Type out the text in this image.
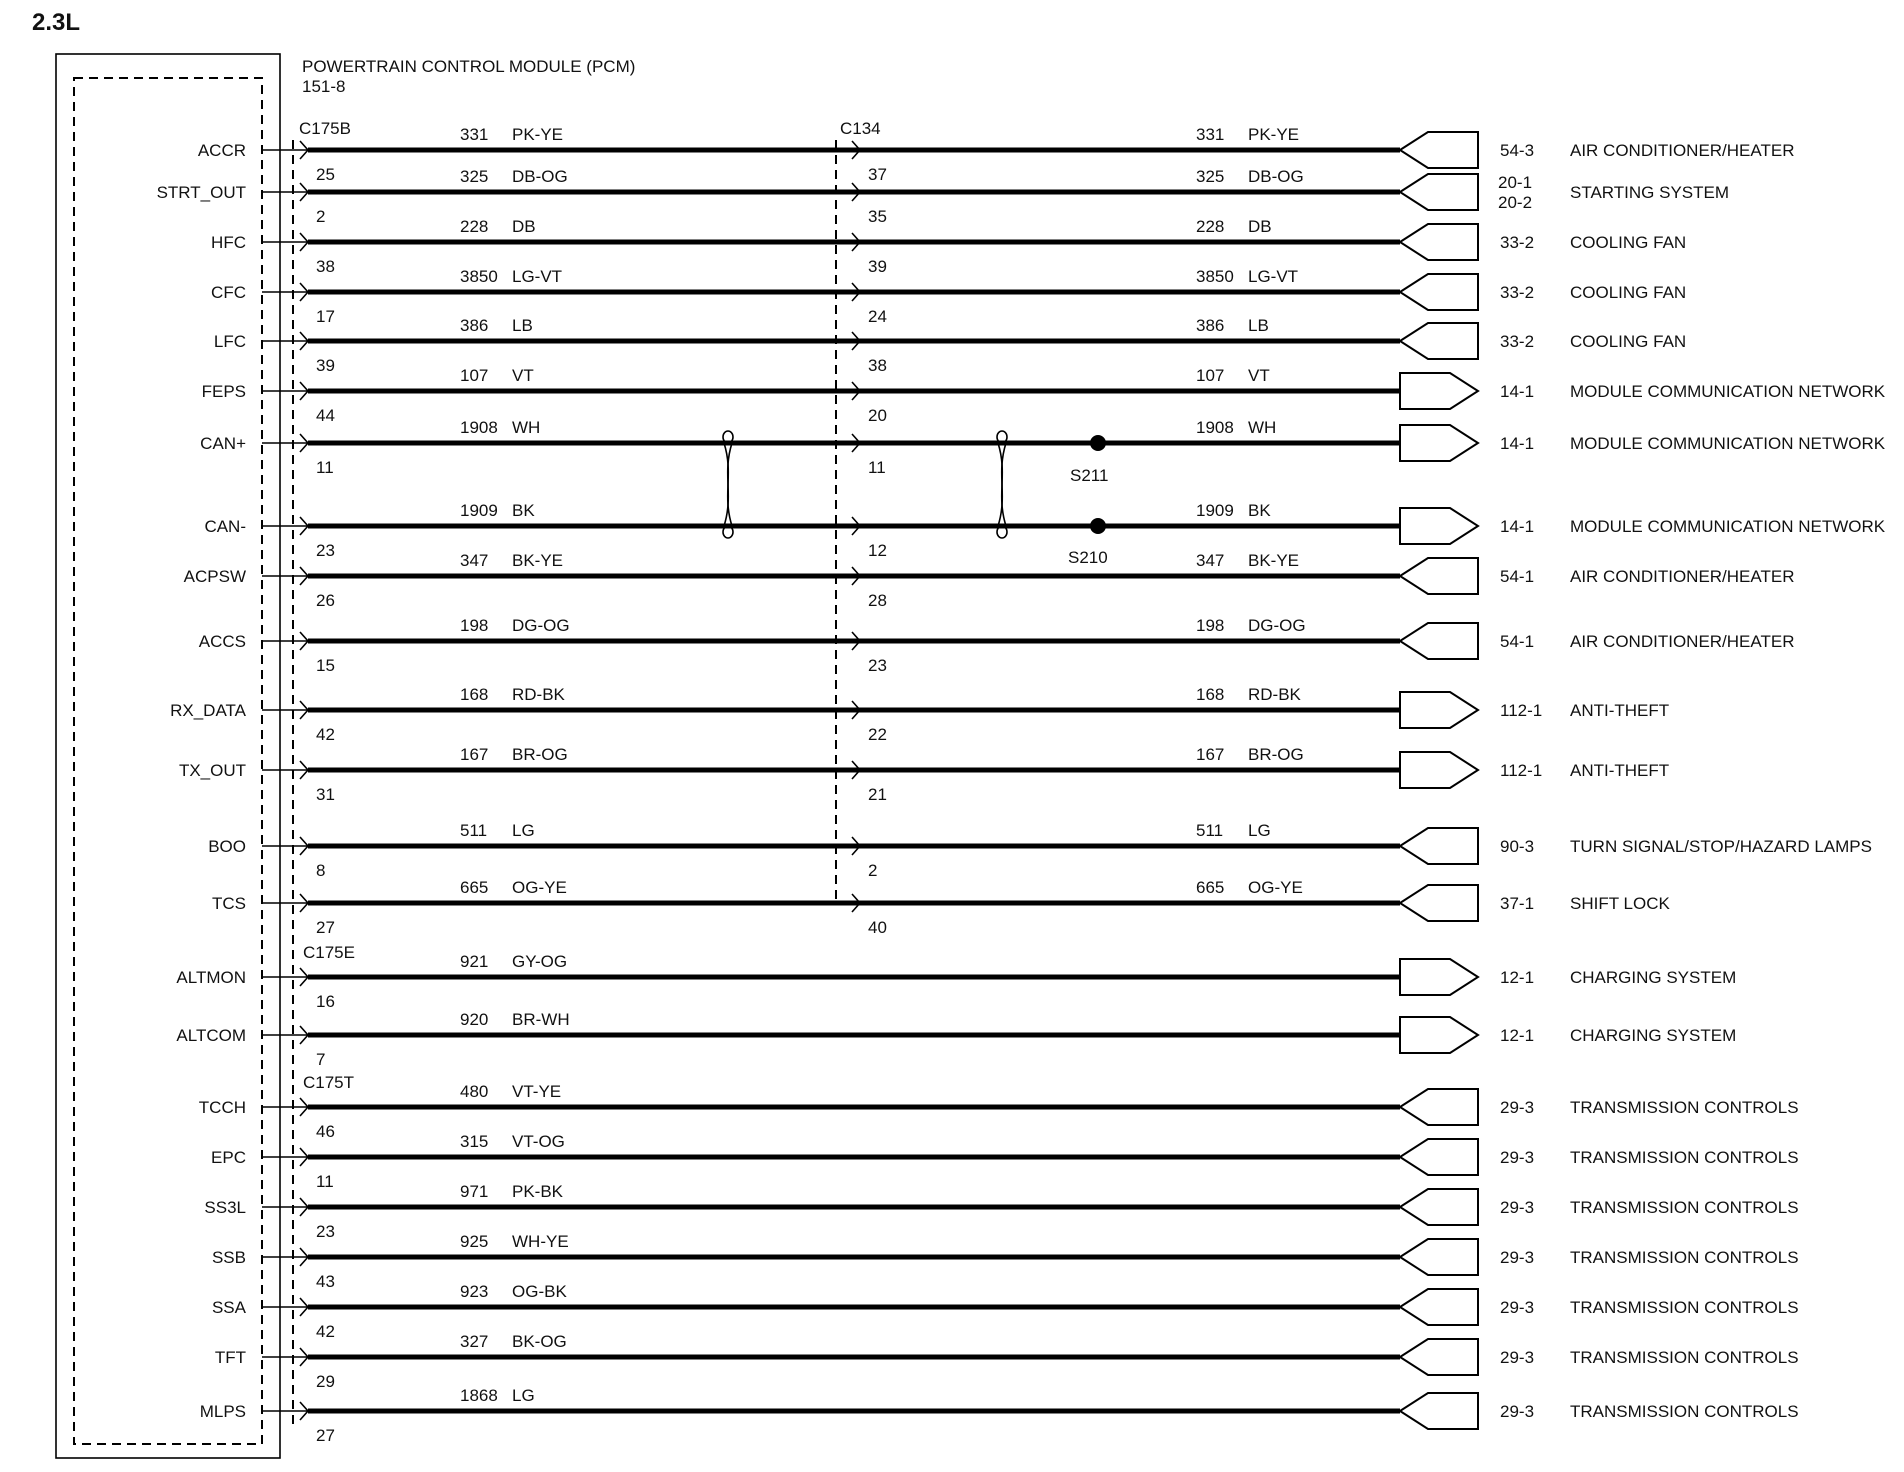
2.3L
POWERTRAIN CONTROL MODULE (PCM)
151-8
C175B
C175E
C175T
C134
ACCR
25
331 PK-YE
37
331 PK-YE
54-3 AIR CONDITIONER/HEATER
STRT_OUT
2
325 DB-OG
35
325 DB-OG	20-1
20-2
STARTING SYSTEM
HFC
38
228 DB
39
228 DB
33-2 COOLING FAN
CFC
17
3850 LG-VT
24
3850 LG-VT
33-2 COOLING FAN
LFC
39
386 LB
38
386 LB
33-2 COOLING FAN
FEPS
44
107 VT
20
107 VT
14-1 MODULE COMMUNICATION NETWORK
CAN+
11
1908 WH
11
1908 WH
14-1 MODULE COMMUNICATION NETWORK
CAN-
23
1909 BK
12
1909 BK
14-1 MODULE COMMUNICATION NETWORK
ACPSW
26
347 BK-YE
28
347 BK-YE
54-1 AIR CONDITIONER/HEATER
ACCS
15
198 DG-OG
23
198 DG-OG
54-1 AIR CONDITIONER/HEATER
RX_DATA
42
168 RD-BK
22
168 RD-BK
112-1 ANTI-THEFT
TX_OUT
31
167 BR-OG
21
167 BR-OG
112-1 ANTI-THEFT
BOO
8
511 LG
2
511 LG
90-3 TURN SIGNAL/STOP/HAZARD LAMPS
TCS
27
665 OG-YE
40
665 OG-YE
37-1 SHIFT LOCK
ALTMON
16
921 GY-OG
12-1 CHARGING SYSTEM
ALTCOM
7
920 BR-WH
12-1 CHARGING SYSTEM
TCCH
46
480 VT-YE
29-3 TRANSMISSION CONTROLS
EPC
11
315 VT-OG
29-3 TRANSMISSION CONTROLS
SS3L
23
971 PK-BK
29-3 TRANSMISSION CONTROLS
SSB
43
925 WH-YE
29-3 TRANSMISSION CONTROLS
SSA
42
923 OG-BK
29-3 TRANSMISSION CONTROLS
TFT
29
327 BK-OG
29-3 TRANSMISSION CONTROLS
MLPS
27
1868 LG
29-3 TRANSMISSION CONTROLS
S211
S210
